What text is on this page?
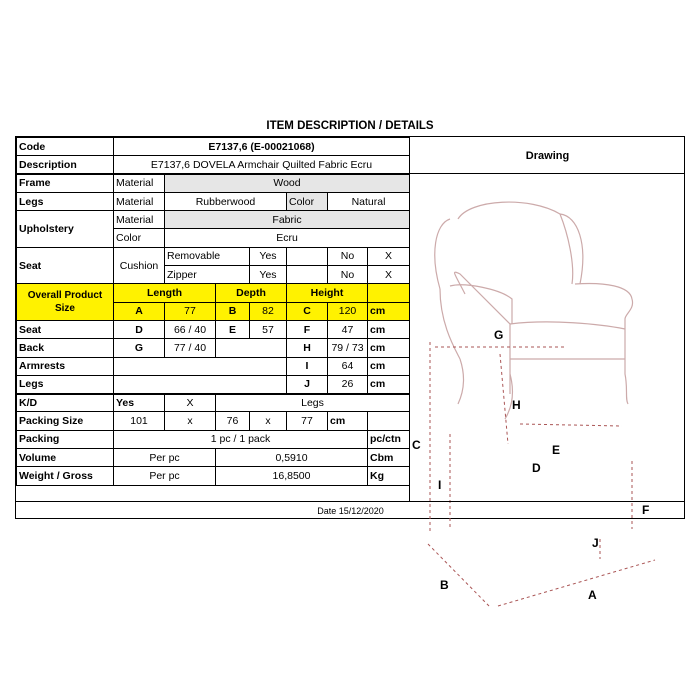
ITEM DESCRIPTION / DETAILS
Code	E7137,6 (E-00021068)						
Description	E7137,6 DOVELA Armchair Quilted Fabric Ecru						
Frame	Material	Wood					
Legs	Material	Rubberwood			Color	Natural	
Upholstery	Material	Fabric					
	Color	Ecru					
Seat	Cushion	Removable		Yes		No	X
		Zipper		Yes		No	X
Overall Product Size	Length		Depth		Height		
	A	77	B	82	C	120	cm
Seat	D	66 / 40	E	57	F	47	cm
Back	G	77 / 40			H	79 / 73	cm
Armrests					I	64	cm
Legs					J	26	cm
K/D	Yes	X	Legs				
Packing Size	101	x	76	x	77	cm	
Packing	1 pc / 1 pack						pc/ctn
Volume	Per pc		0,5910				Cbm
Weight / Gross	Per pc		16,8500				Kg
Drawing
G
H
C	E
D
I
F
J
B
A
Date 15/12/2020
